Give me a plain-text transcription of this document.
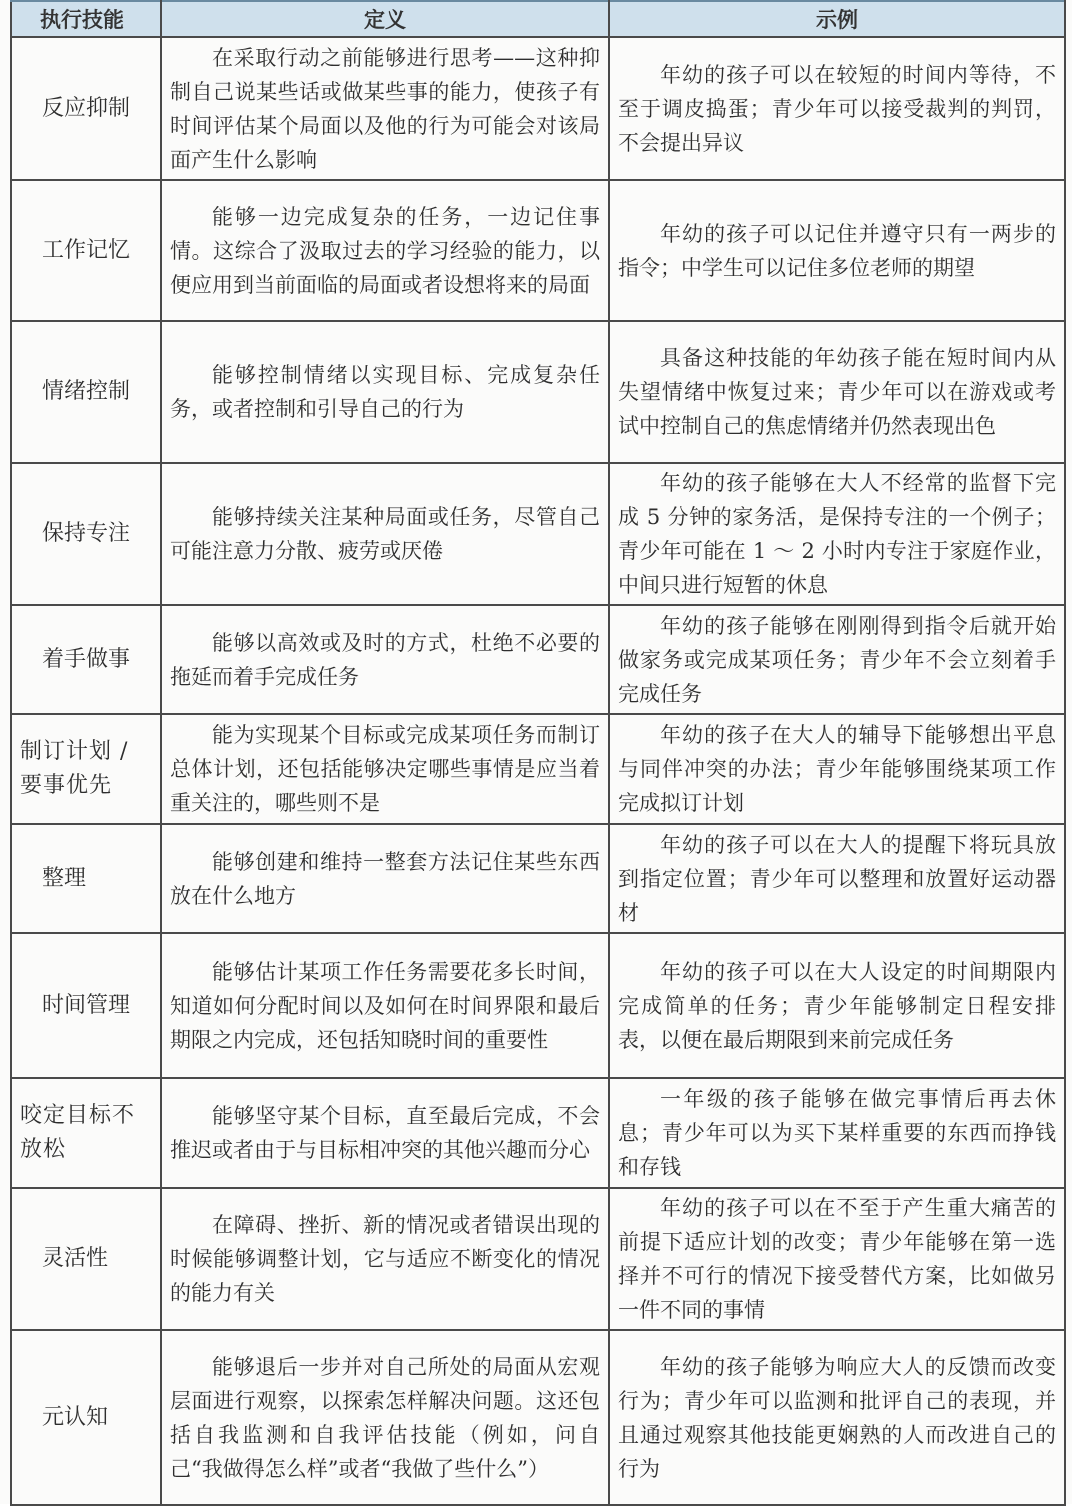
执行技能	定义	示例

反应抑制	在采取行动之前能够进行思考——这种抑制自己说某些话或做某些事的能力，使孩子有时间评估某个局面以及他的行为可能会对该局面产生什么影响	年幼的孩子可以在较短的时间内等待，不至于调皮捣蛋；青少年可以接受裁判的判罚，不会提出异议

工作记忆	能够一边完成复杂的任务，一边记住事情。这综合了汲取过去的学习经验的能力，以便应用到当前面临的局面或者设想将来的局面	年幼的孩子可以记住并遵守只有一两步的指令；中学生可以记住多位老师的期望

情绪控制	能够控制情绪以实现目标、完成复杂任务，或者控制和引导自己的行为	具备这种技能的年幼孩子能在短时间内从失望情绪中恢复过来；青少年可以在游戏或考试中控制自己的焦虑情绪并仍然表现出色

保持专注	能够持续关注某种局面或任务，尽管自己可能注意力分散、疲劳或厌倦	年幼的孩子能够在大人不经常的监督下完成 5 分钟的家务活，是保持专注的一个例子；青少年可能在 1 ～ 2 小时内专注于家庭作业，中间只进行短暂的休息

着手做事	能够以高效或及时的方式，杜绝不必要的拖延而着手完成任务	年幼的孩子能够在刚刚得到指令后就开始做家务或完成某项任务；青少年不会立刻着手完成任务

制订计划 / 要事优先	能为实现某个目标或完成某项任务而制订总体计划，还包括能够决定哪些事情是应当着重关注的，哪些则不是	年幼的孩子在大人的辅导下能够想出平息与同伴冲突的办法；青少年能够围绕某项工作完成拟订计划

整理	能够创建和维持一整套方法记住某些东西放在什么地方	年幼的孩子可以在大人的提醒下将玩具放到指定位置；青少年可以整理和放置好运动器材

时间管理	能够估计某项工作任务需要花多长时间，知道如何分配时间以及如何在时间界限和最后期限之内完成，还包括知晓时间的重要性	年幼的孩子可以在大人设定的时间期限内完成简单的任务；青少年能够制定日程安排表，以便在最后期限到来前完成任务

咬定目标不放松	能够坚守某个目标，直至最后完成，不会推迟或者由于与目标相冲突的其他兴趣而分心	一年级的孩子能够在做完事情后再去休息；青少年可以为买下某样重要的东西而挣钱和存钱

灵活性	在障碍、挫折、新的情况或者错误出现的时候能够调整计划，它与适应不断变化的情况的能力有关	年幼的孩子可以在不至于产生重大痛苦的前提下适应计划的改变；青少年能够在第一选择并不可行的情况下接受替代方案，比如做另一件不同的事情

元认知	能够退后一步并对自己所处的局面从宏观层面进行观察，以探索怎样解决问题。这还包括自我监测和自我评估技能（例如，问自己“我做得怎么样”或者“我做了些什么”）	年幼的孩子能够为响应大人的反馈而改变行为；青少年可以监测和批评自己的表现，并且通过观察其他技能更娴熟的人而改进自己的行为
